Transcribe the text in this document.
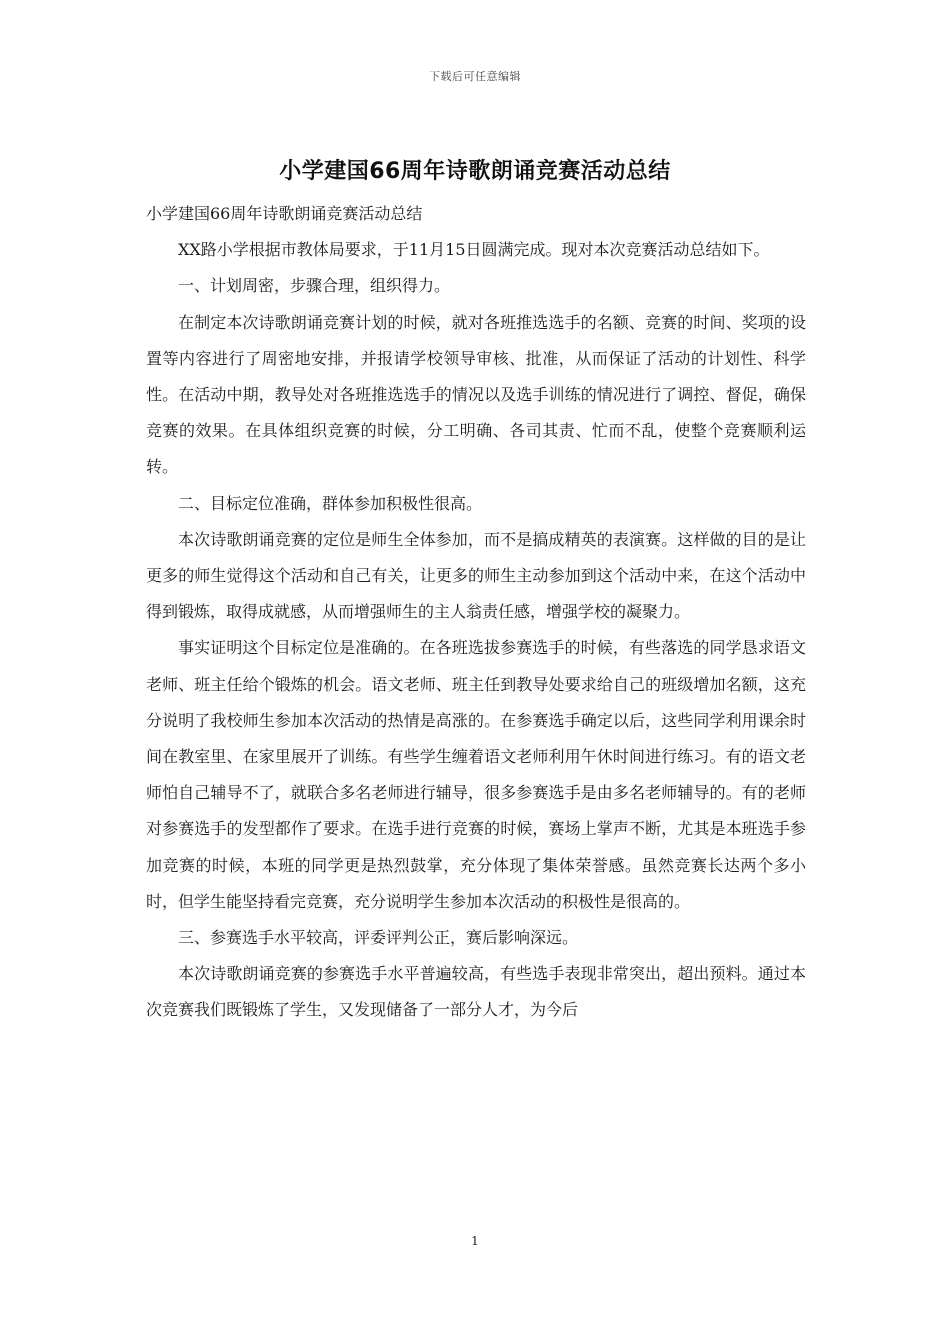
下载后可任意编辑
小学建国66周年诗歌朗诵竞赛活动总结

小学建国66周年诗歌朗诵竞赛活动总结

XX路小学根据市教体局要求，于11月15日圆满完成。现对本次竞赛活动总结如下。

一、计划周密，步骤合理，组织得力。

在制定本次诗歌朗诵竞赛计划的时候，就对各班推选选手的名额、竞赛的时间、奖项的设置等内容进行了周密地安排，并报请学校领导审核、批准，从而保证了活动的计划性、科学性。在活动中期，教导处对各班推选选手的情况以及选手训练的情况进行了调控、督促，确保竞赛的效果。在具体组织竞赛的时候，分工明确、各司其责、忙而不乱，使整个竞赛顺利运转。

二、目标定位准确，群体参加积极性很高。

本次诗歌朗诵竞赛的定位是师生全体参加，而不是搞成精英的表演赛。这样做的目的是让更多的师生觉得这个活动和自己有关，让更多的师生主动参加到这个活动中来，在这个活动中得到锻炼，取得成就感，从而增强师生的主人翁责任感，增强学校的凝聚力。

事实证明这个目标定位是准确的。在各班选拔参赛选手的时候，有些落选的同学恳求语文老师、班主任给个锻炼的机会。语文老师、班主任到教导处要求给自己的班级增加名额，这充分说明了我校师生参加本次活动的热情是高涨的。在参赛选手确定以后，这些同学利用课余时间在教室里、在家里展开了训练。有些学生缠着语文老师利用午休时间进行练习。有的语文老师怕自己辅导不了，就联合多名老师进行辅导，很多参赛选手是由多名老师辅导的。有的老师对参赛选手的发型都作了要求。在选手进行竞赛的时候，赛场上掌声不断，尤其是本班选手参加竞赛的时候，本班的同学更是热烈鼓掌，充分体现了集体荣誉感。虽然竞赛长达两个多小时，但学生能坚持看完竞赛，充分说明学生参加本次活动的积极性是很高的。

三、参赛选手水平较高，评委评判公正，赛后影响深远。

本次诗歌朗诵竞赛的参赛选手水平普遍较高，有些选手表现非常突出，超出预料。通过本次竞赛我们既锻炼了学生，又发现储备了一部分人才，为今后

1
